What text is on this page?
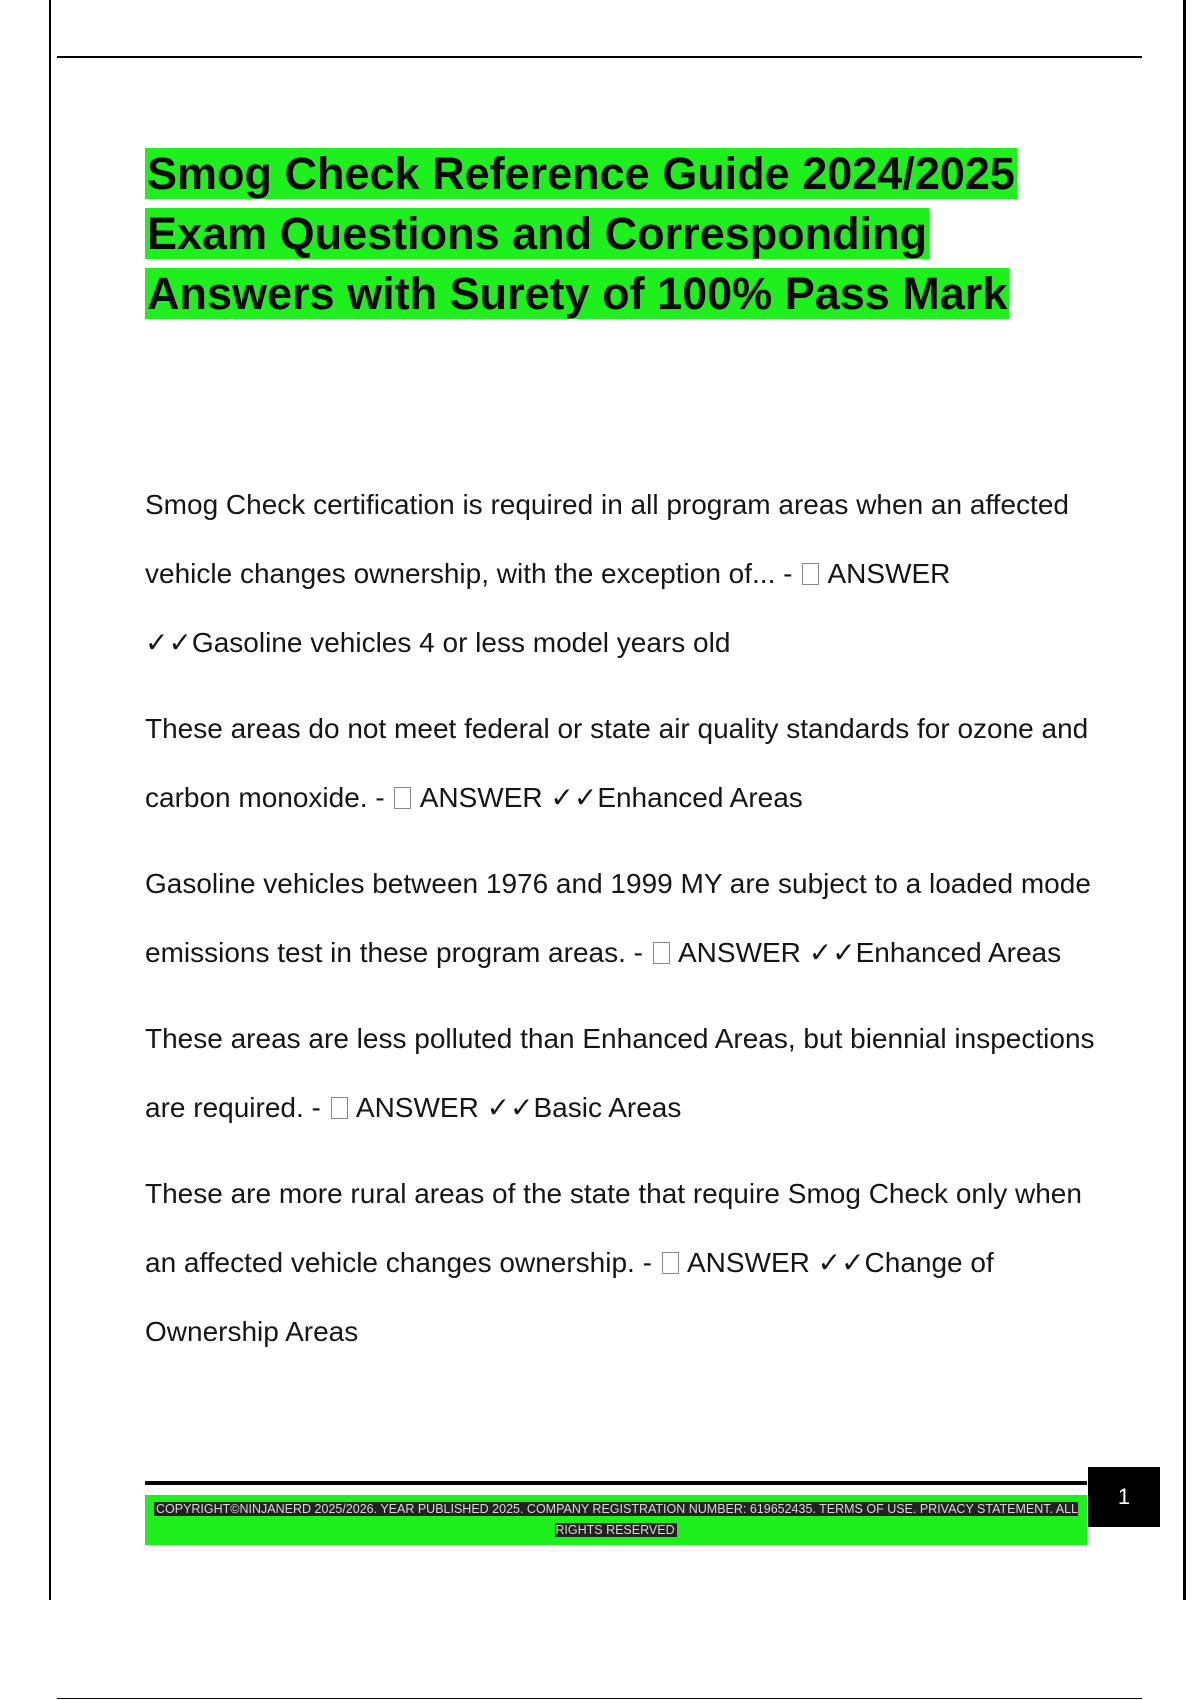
Smog Check Reference Guide 2024/2025 Exam Questions and Corresponding Answers with Surety of 100% Pass Mark

Smog Check certification is required in all program areas when an affected vehicle changes ownership, with the exception of... - ANSWER ✓✓Gasoline vehicles 4 or less model years old

These areas do not meet federal or state air quality standards for ozone and carbon monoxide. - ANSWER ✓✓Enhanced Areas

Gasoline vehicles between 1976 and 1999 MY are subject to a loaded mode emissions test in these program areas. - ANSWER ✓✓Enhanced Areas

These areas are less polluted than Enhanced Areas, but biennial inspections are required. - ANSWER ✓✓Basic Areas

These are more rural areas of the state that require Smog Check only when an affected vehicle changes ownership. - ANSWER ✓✓Change of Ownership Areas

COPYRIGHT©NINJANERD 2025/2026. YEAR PUBLISHED 2025. COMPANY REGISTRATION NUMBER: 619652435. TERMS OF USE. PRIVACY STATEMENT. ALL RIGHTS RESERVED
1
